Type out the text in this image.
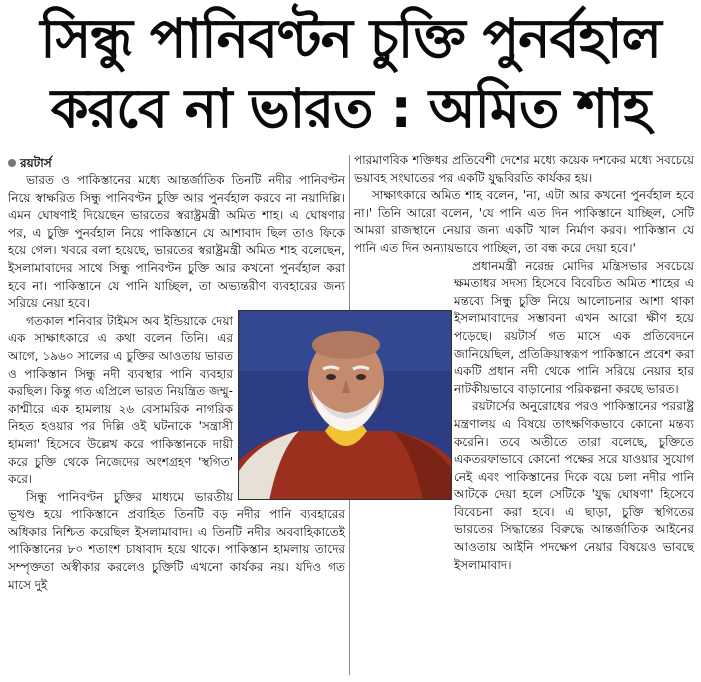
সিন্ধু পানিবণ্টন চুক্তি পুনর্বহাল
করবে না ভারত : অমিত শাহ
রয়টার্স

ভারত ও পাকিস্তানের মধ্যে আন্তর্জাতিক তিনটি নদীর পানিবণ্টন নিয়ে স্বাক্ষরিত সিন্ধু পানিবণ্টন চুক্তি আর পুনর্বহাল করবে না নয়াদিল্লি। এমন ঘোষণাই দিয়েছেন ভারতের স্বরাষ্ট্রমন্ত্রী অমিত শাহ। এ ঘোষণার পর, এ চুক্তি পুনর্বহাল নিয়ে পাকিস্তানে যে আশাবাদ ছিল তাও ফিকে হয়ে গেল। খবরে বলা হয়েছে, ভারতের স্বরাষ্ট্রমন্ত্রী অমিত শাহ বলেছেন, ইসলামাবাদের সাথে সিন্ধু পানিবণ্টন চুক্তি আর কখনো পুনর্বহাল করা হবে না। পাকিস্তানে যে পানি যাচ্ছিল, তা অভ্যন্তরীণ ব্যবহারের জন্য সরিয়ে নেয়া হবে।

গতকাল শনিবার টাইমস অব ইন্ডিয়াকে দেয়া এক সাক্ষাৎকারে এ কথা বলেন তিনি। এর আগে, ১৯৬০ সালের এ চুক্তির আওতায় ভারত ও পাকিস্তান সিন্ধু নদী ব্যবস্থার পানি ব্যবহার করছিল। কিন্তু গত এপ্রিলে ভারত নিয়ন্ত্রিত জম্মু-কাশ্মীরে এক হামলায় ২৬ বেসামরিক নাগরিক নিহত হওয়ার পর দিল্লি ওই ঘটনাকে 'সন্ত্রাসী হামলা' হিসেবে উল্লেখ করে পাকিস্তানকে দায়ী করে চুক্তি থেকে নিজেদের অংশগ্রহণ 'স্থগিত' করে।

সিন্ধু পানিবণ্টন চুক্তির মাধ্যমে ভারতীয় ভূখণ্ড হয়ে পাকিস্তানে প্রবাহিত তিনটি বড় নদীর পানি ব্যবহারের অধিকার নিশ্চিত করেছিল ইসলামাবাদ। এ তিনটি নদীর অববাহিকাতেই পাকিস্তানের ৮০ শতাংশ চাষাবাদ হয়ে থাকে। পাকিস্তান হামলায় তাদের সম্পৃক্ততা অস্বীকার করলেও চুক্তিটি এখনো কার্যকর নয়। যদিও গত মাসে দুই

পারমাণবিক শক্তিধর প্রতিবেশী দেশের মধ্যে কয়েক দশকের মধ্যে সবচেয়ে ভয়াবহ সংঘাতের পর একটি যুদ্ধবিরতি কার্যকর হয়।

সাক্ষাৎকারে অমিত শাহ বলেন, 'না, এটা আর কখনো পুনর্বহাল হবে না।' তিনি আরো বলেন, 'যে পানি এত দিন পাকিস্তানে যাচ্ছিল, সেটি আমরা রাজস্থানে নেয়ার জন্য একটি খাল নির্মাণ করব। পাকিস্তান যে পানি এত দিন অন্যায়ভাবে পাচ্ছিল, তা বন্ধ করে দেয়া হবে।'

প্রধানমন্ত্রী নরেন্দ্র মোদির মন্ত্রিসভার সবচেয়ে ক্ষমতাধর সদস্য হিসেবে বিবেচিত অমিত শাহের এ মন্তব্যে সিন্ধু চুক্তি নিয়ে আলোচনার আশা থাকা ইসলামাবাদের সম্ভাবনা এখন আরো ক্ষীণ হয়ে পড়েছে। রয়টার্স গত মাসে এক প্রতিবেদনে জানিয়েছিল, প্রতিক্রিয়াস্বরূপ পাকিস্তানে প্রবেশ করা একটি প্রধান নদী থেকে পানি সরিয়ে নেয়ার হার নাটকীয়ভাবে বাড়ানোর পরিকল্পনা করছে ভারত।

রয়টার্সের অনুরোধের পরও পাকিস্তানের পররাষ্ট্র মন্ত্রণালয় এ বিষয়ে তাৎক্ষণিকভাবে কোনো মন্তব্য করেনি। তবে অতীতে তারা বলেছে, চুক্তিতে একতরফাভাবে কোনো পক্ষের সরে যাওয়ার সুযোগ নেই এবং পাকিস্তানের দিকে বয়ে চলা নদীর পানি আটকে দেয়া হলে সেটিকে 'যুদ্ধ ঘোষণা' হিসেবে বিবেচনা করা হবে। এ ছাড়া, চুক্তি স্থগিতের ভারতের সিদ্ধান্তের বিরুদ্ধে আন্তর্জাতিক আইনের আওতায় আইনি পদক্ষেপ নেয়ার বিষয়েও ভাবছে ইসলামাবাদ।
